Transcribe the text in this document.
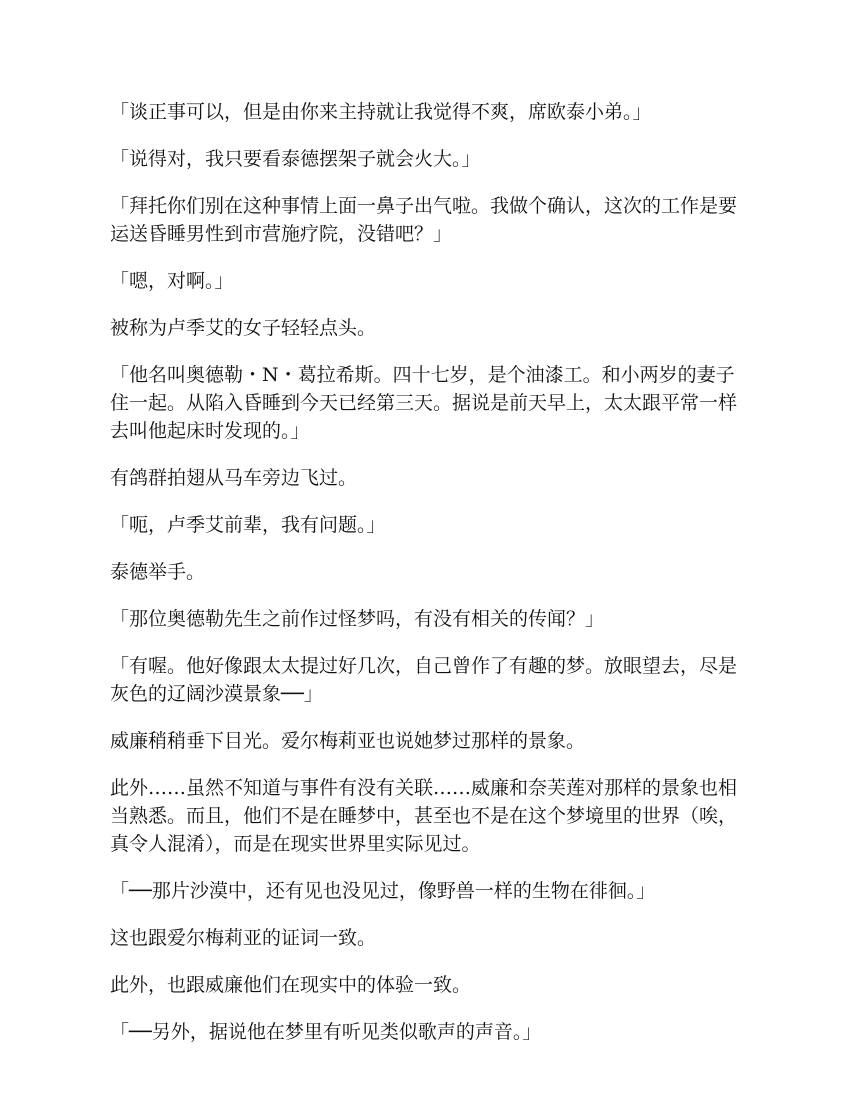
「谈正事可以，但是由你来主持就让我觉得不爽，席欧泰小弟。」

「说得对，我只要看泰德摆架子就会火大。」

「拜托你们别在这种事情上面一鼻子出气啦。我做个确认，这次的工作是要运送昏睡男性到市营施疗院，没错吧？」

「嗯，对啊。」

被称为卢季艾的女子轻轻点头。

「他名叫奥德勒・N・葛拉希斯。四十七岁，是个油漆工。和小两岁的妻子住一起。从陷入昏睡到今天已经第三天。据说是前天早上，太太跟平常一样去叫他起床时发现的。」

有鸽群拍翅从马车旁边飞过。

「呃，卢季艾前辈，我有问题。」

泰德举手。

「那位奥德勒先生之前作过怪梦吗，有没有相关的传闻？」

「有喔。他好像跟太太提过好几次，自己曾作了有趣的梦。放眼望去，尽是灰色的辽阔沙漠景象──」

威廉稍稍垂下目光。爱尔梅莉亚也说她梦过那样的景象。

此外……虽然不知道与事件有没有关联……威廉和奈芙莲对那样的景象也相当熟悉。而且，他们不是在睡梦中，甚至也不是在这个梦境里的世界（唉，真令人混淆），而是在现实世界里实际见过。

「──那片沙漠中，还有见也没见过，像野兽一样的生物在徘徊。」

这也跟爱尔梅莉亚的证词一致。

此外，也跟威廉他们在现实中的体验一致。

「──另外，据说他在梦里有听见类似歌声的声音。」
